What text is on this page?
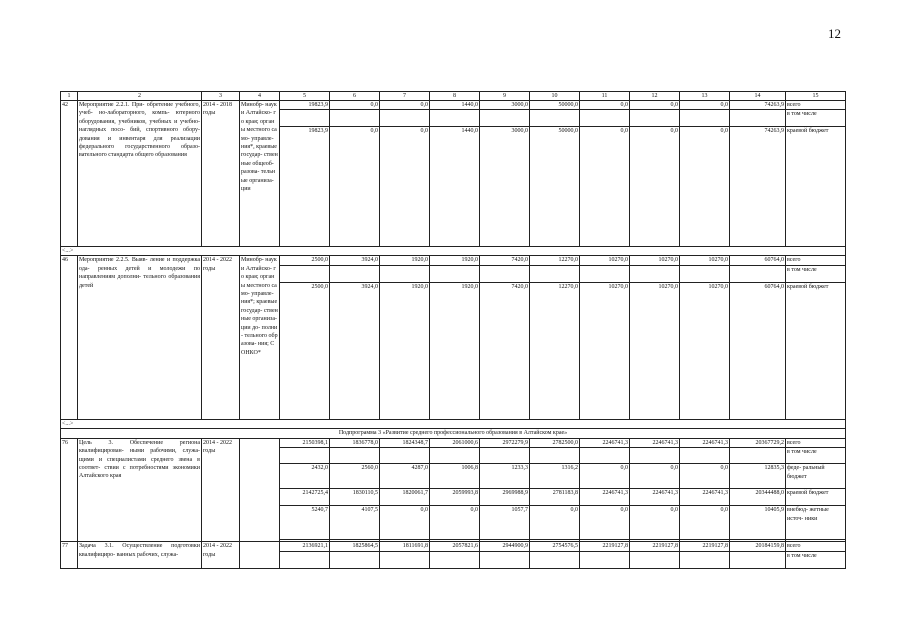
12
1	2	3	4	5	6	7	8	9	10	11	12	13	14	15
42	Мероприятие 2.2.1. При- обретение учебного, учеб- но-лабораторного, компь- ютерного оборудования, учебников, учебных и учебно-наглядных посо- бий, спортивного обору- дования и инвентаря для реализации федерального государственного образо- вательного стандарта общего образования	2014 - 2018 годы	Минобр- науки Алтайско- го края; органы местного само- управле- ния*, краевые государ- ственные общеоб- разова- тельные организа- ции	19823,9	0,0	0,0	1440,0	3000,0	50000,0	0,0	0,0	0,0	74263,9	всего
														в том числе
				19823,9	0,0	0,0	1440,0	3000,0	50000,0	0,0	0,0	0,0	74263,9	краевой бюджет
<...>														
46	Мероприятие 2.2.5. Выяв- ление и поддержка ода- ренных детей и молодежи по направлениям дополни- тельного образования детей	2014 - 2022 годы	Минобр- науки Алтайско- го края; органы местного само- управле- ния*; краевые государ- ственные организа- ции до- полни- тельного образова- ния; СОНКО*	2500,0	3924,0	1920,0	1920,0	7420,0	12270,0	10270,0	10270,0	10270,0	60764,0	всего
														в том числе
				2500,0	3924,0	1920,0	1920,0	7420,0	12270,0	10270,0	10270,0	10270,0	60764,0	краевой бюджет
<...>														
Подпрограмма 3 «Развитие среднего профессионального образования в Алтайском крае»														
76	Цель 3. Обеспечение региона квалифицирован- ными рабочими, служа- щими и специалистами среднего звена в соответ- ствии с потребностями экономики Алтайского края	2014 - 2022 годы		2150398,1	1836778,0	1824348,7	2061000,6	2972279,9	2782500,0	2246741,3	2246741,3	2246741,3	20367729,2	всего
														в том числе
				2432,0	2560,0	4287,0	1006,8	1233,3	1316,2	0,0	0,0	0,0	12835,3	феде- ральный бюджет
				2142725,4	1830110,5	1820061,7	2059993,8	2969988,9	2781183,8	2246741,3	2246741,3	2246741,3	20344488,0	краевой бюджет
				5240,7	4107,5	0,0	0,0	1057,7	0,0	0,0	0,0	0,0	10405,9	внебюд- жетные источ- ники

77	Задача 3.1. Осуществление подготовки квалифициро- ванных рабочих, служа-	2014 - 2022 годы		2136921,1	1825864,5	1811691,8	2057821,6	2944900,9	2754576,5	2219127,8	2219127,8	2219127,8	20184159,8	всего
														в том числе
